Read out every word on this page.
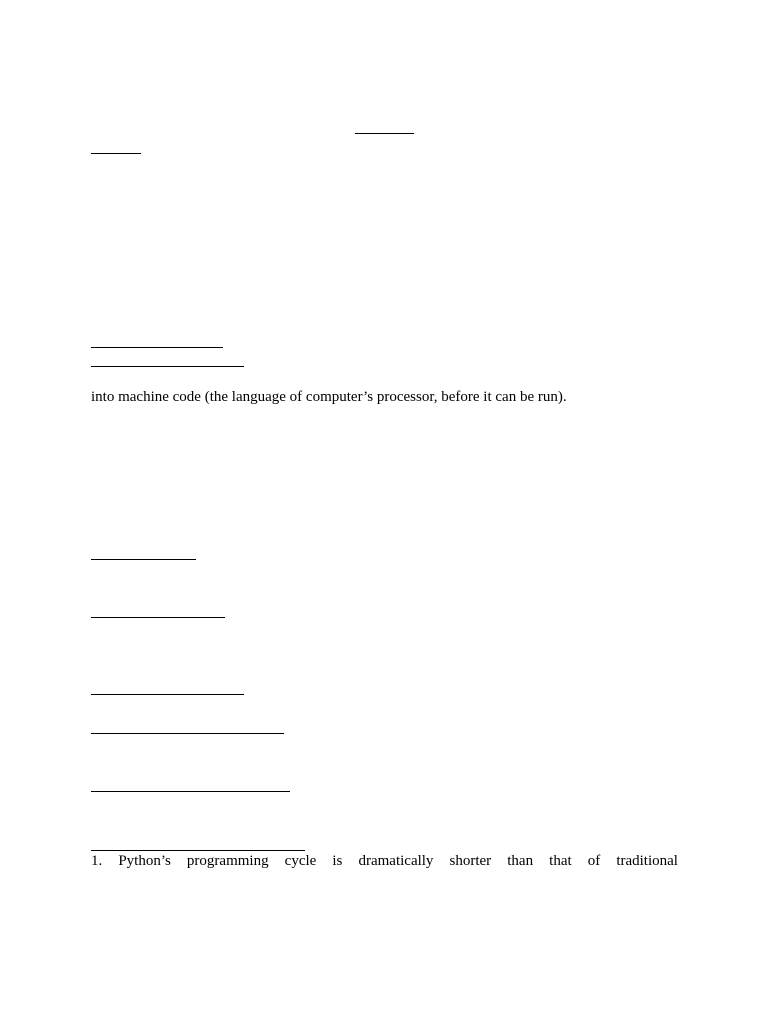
into machine code (the language of computer’s processor, before it can be run).
1. Python’s programming cycle is dramatically shorter than that of traditional
